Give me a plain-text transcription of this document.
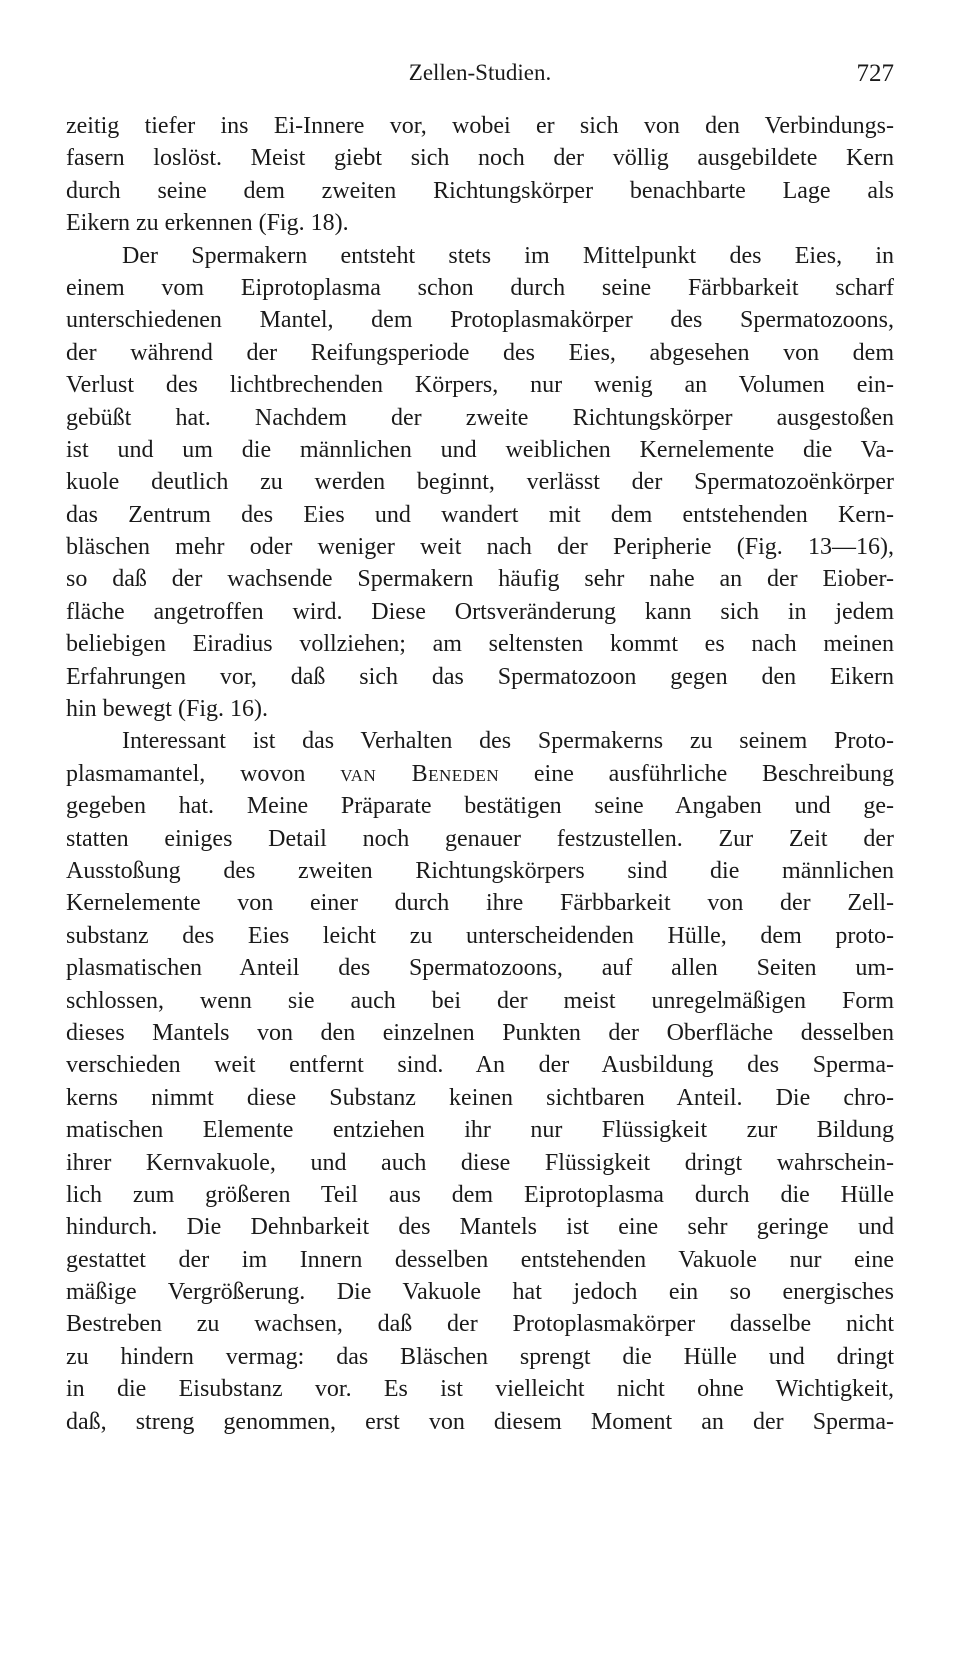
Zellen-Studien.	727
zeitig tiefer ins Ei-Innere vor, wobei er sich von den Verbindungs-
fasern loslöst. Meist giebt sich noch der völlig ausgebildete Kern
durch seine dem zweiten Richtungskörper benachbarte Lage als
Eikern zu erkennen (Fig. 18).
Der Spermakern entsteht stets im Mittelpunkt des Eies, in
einem vom Eiprotoplasma schon durch seine Färbbarkeit scharf
unterschiedenen Mantel, dem Protoplasmakörper des Spermatozoons,
der während der Reifungsperiode des Eies, abgesehen von dem
Verlust des lichtbrechenden Körpers, nur wenig an Volumen ein-
gebüßt hat. Nachdem der zweite Richtungskörper ausgestoßen
ist und um die männlichen und weiblichen Kernelemente die Va-
kuole deutlich zu werden beginnt, verlässt der Spermatozoënkörper
das Zentrum des Eies und wandert mit dem entstehenden Kern-
bläschen mehr oder weniger weit nach der Peripherie (Fig. 13—16),
so daß der wachsende Spermakern häufig sehr nahe an der Eiober-
fläche angetroffen wird. Diese Ortsveränderung kann sich in jedem
beliebigen Eiradius vollziehen; am seltensten kommt es nach meinen
Erfahrungen vor, daß sich das Spermatozoon gegen den Eikern
hin bewegt (Fig. 16).
Interessant ist das Verhalten des Spermakerns zu seinem Proto-
plasmamantel, wovon van Beneden eine ausführliche Beschreibung
gegeben hat. Meine Präparate bestätigen seine Angaben und ge-
statten einiges Detail noch genauer festzustellen. Zur Zeit der
Ausstoßung des zweiten Richtungskörpers sind die männlichen
Kernelemente von einer durch ihre Färbbarkeit von der Zell-
substanz des Eies leicht zu unterscheidenden Hülle, dem proto-
plasmatischen Anteil des Spermatozoons, auf allen Seiten um-
schlossen, wenn sie auch bei der meist unregelmäßigen Form
dieses Mantels von den einzelnen Punkten der Oberfläche desselben
verschieden weit entfernt sind. An der Ausbildung des Sperma-
kerns nimmt diese Substanz keinen sichtbaren Anteil. Die chro-
matischen Elemente entziehen ihr nur Flüssigkeit zur Bildung
ihrer Kernvakuole, und auch diese Flüssigkeit dringt wahrschein-
lich zum größeren Teil aus dem Eiprotoplasma durch die Hülle
hindurch. Die Dehnbarkeit des Mantels ist eine sehr geringe und
gestattet der im Innern desselben entstehenden Vakuole nur eine
mäßige Vergrößerung. Die Vakuole hat jedoch ein so energisches
Bestreben zu wachsen, daß der Protoplasmakörper dasselbe nicht
zu hindern vermag: das Bläschen sprengt die Hülle und dringt
in die Eisubstanz vor. Es ist vielleicht nicht ohne Wichtigkeit,
daß, streng genommen, erst von diesem Moment an der Sperma-
